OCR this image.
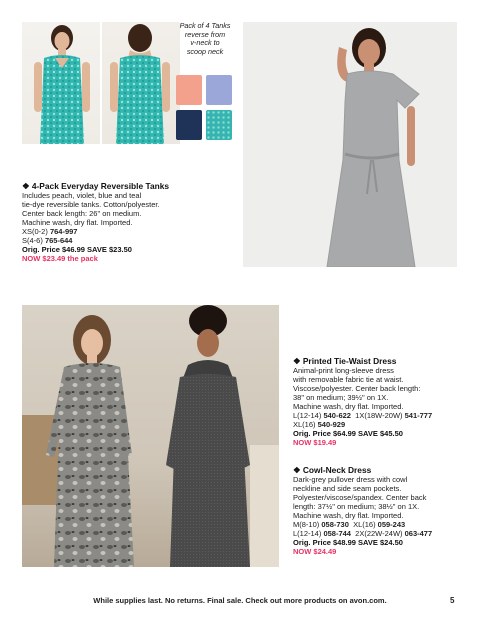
Pack of 4 Tanks
reverse from
v-neck to
scoop neck
❖ 4-Pack Everyday Reversible Tanks
Includes peach, violet, blue and teal
tie-dye reversible tanks. Cotton/polyester.
Center back length: 26" on medium.
Machine wash, dry flat. Imported.
XS(0-2) 764-997
S(4-6) 765-644
Orig. Price $46.99 SAVE $23.50
NOW $23.49 the pack
❖ Printed Tie-Waist Dress
Animal-print long-sleeve dress
with removable fabric tie at waist.
Viscose/polyester. Center back length:
38" on medium; 39½" on 1X.
Machine wash, dry flat. Imported.
L(12-14) 540-622 1X(18W-20W) 541-777
XL(16) 540-929
Orig. Price $64.99 SAVE $45.50
NOW $19.49
❖ Cowl-Neck Dress
Dark-grey pullover dress with cowl
neckline and side seam pockets.
Polyester/viscose/spandex. Center back
length: 37½" on medium; 38½" on 1X.
Machine wash, dry flat. Imported.
M(8-10) 058-730 XL(16) 059-243
L(12-14) 058-744 2X(22W-24W) 063-477
Orig. Price $48.99 SAVE $24.50
NOW $24.49
While supplies last. No returns. Final sale. Check out more products on avon.com.	5
